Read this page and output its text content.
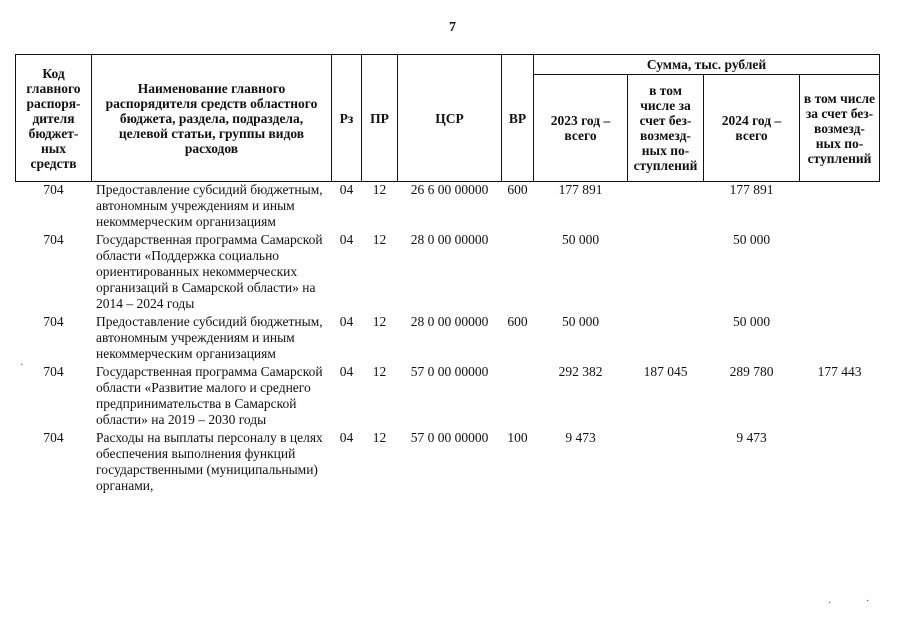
7
Код главного распоря-дителя бюджет-ных средств	Наименование главного распорядителя средств областного бюджета, раздела, подраздела, целевой статьи, группы видов расходов	Рз	ПР	ЦСР	ВР	Сумма, тыс. рублей			
						2023 год – всего	в том числе за счет без-возмезд-ных по-ступлений	2024 год – всего	в том числе за счет без-возмезд-ных по-ступлений
704	Предоставление субсидий бюджетным, автономным учреждениям и иным некоммерческим организациям	04	12	26 6 00 00000	600	177 891		177 891	
704	Государственная программа Самарской области «Поддержка социально ориентированных некоммерческих организаций в Самарской области» на 2014 – 2024 годы	04	12	28 0 00 00000		50 000		50 000	
704	Предоставление субсидий бюджетным, автономным учреждениям и иным некоммерческим организациям	04	12	28 0 00 00000	600	50 000		50 000	
704	Государственная программа Самарской области «Развитие малого и среднего предпринимательства в Самарской области» на 2019 – 2030 годы	04	12	57 0 00 00000		292 382	187 045	289 780	177 443
704	Расходы на выплаты персоналу в целях обеспечения выполнения функций государственными (муниципальными) органами,	04	12	57 0 00 00000	100	9 473		9 473	
·
·	·
